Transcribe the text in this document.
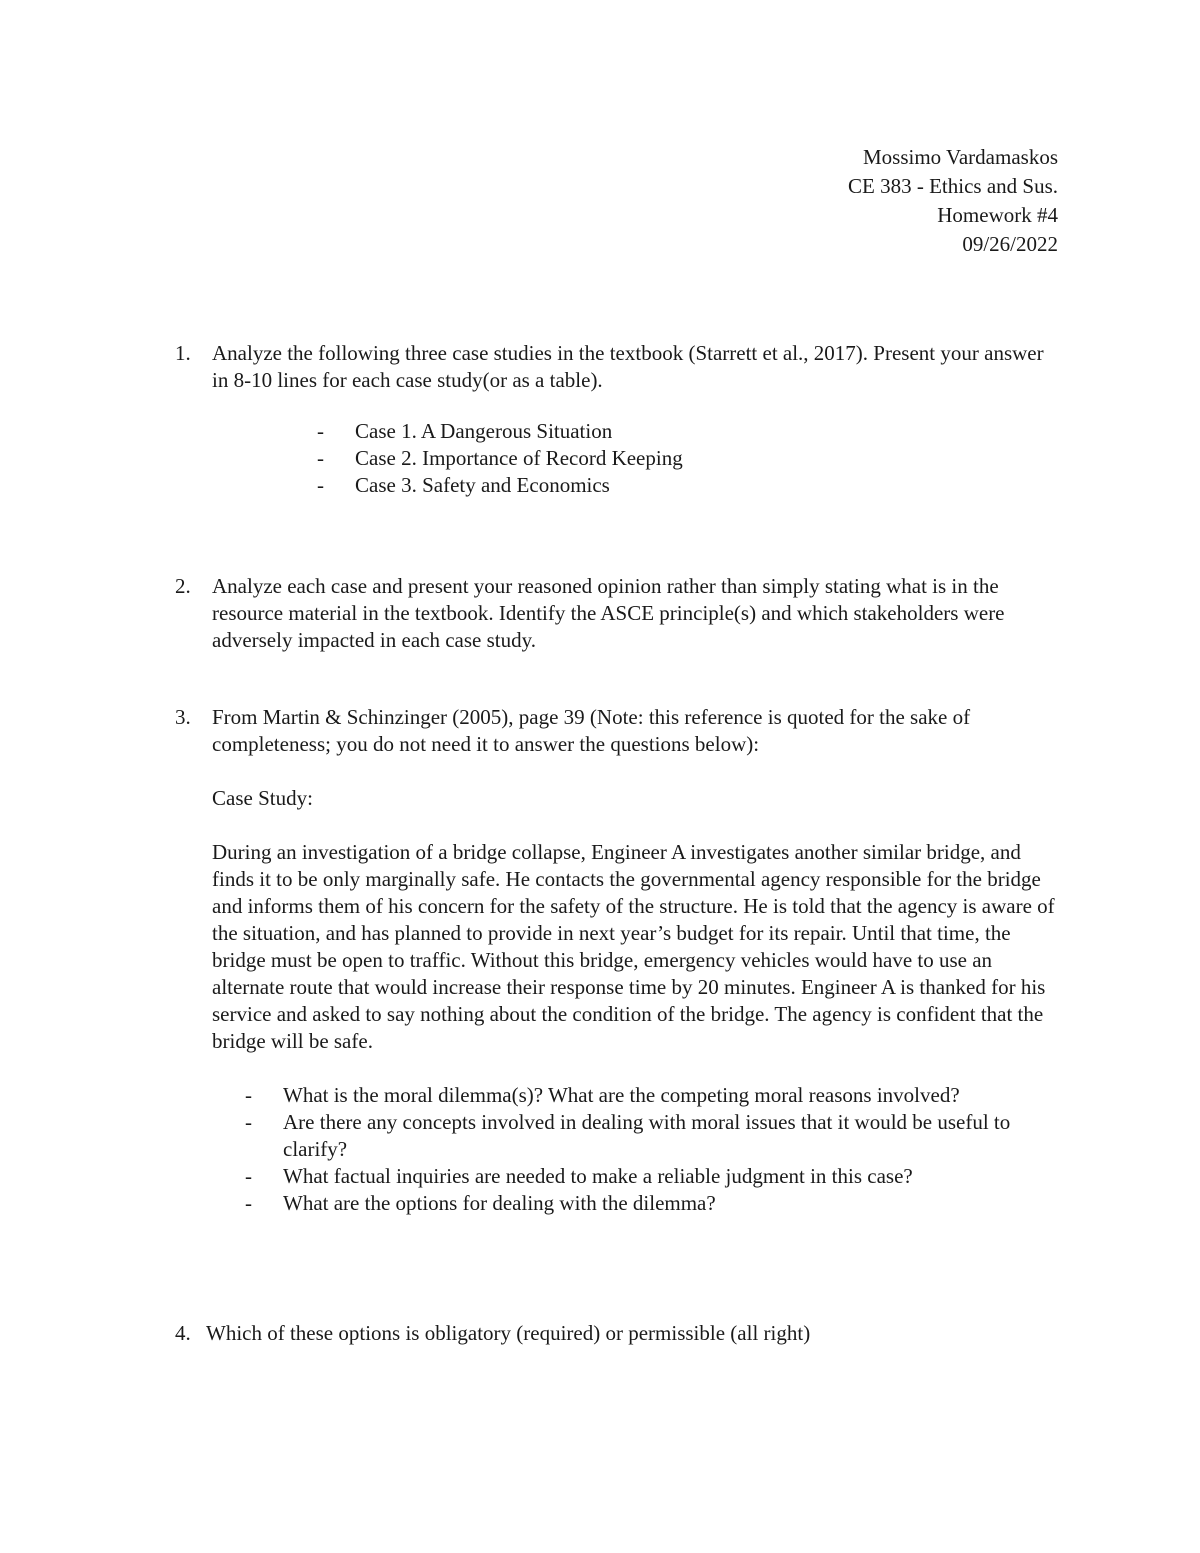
Mossimo Vardamaskos
CE 383 - Ethics and Sus.
Homework #4
09/26/2022
1.	Analyze the following three case studies in the textbook (Starrett et al., 2017). Present your answer in 8-10 lines for each case study(or as a table).

- Case 1. A Dangerous Situation
- Case 2. Importance of Record Keeping
- Case 3. Safety and Economics
2.	Analyze each case and present your reasoned opinion rather than simply stating what is in the resource material in the textbook. Identify the ASCE principle(s) and which stakeholders were adversely impacted in each case study.

3.	From Martin & Schinzinger (2005), page 39 (Note: this reference is quoted for the sake of completeness; you do not need it to answer the questions below):

Case Study:

During an investigation of a bridge collapse, Engineer A investigates another similar bridge, and finds it to be only marginally safe. He contacts the governmental agency responsible for the bridge and informs them of his concern for the safety of the structure. He is told that the agency is aware of the situation, and has planned to provide in next year’s budget for its repair. Until that time, the bridge must be open to traffic. Without this bridge, emergency vehicles would have to use an alternate route that would increase their response time by 20 minutes. Engineer A is thanked for his service and asked to say nothing about the condition of the bridge. The agency is confident that the bridge will be safe.

- What is the moral dilemma(s)? What are the competing moral reasons involved?
- Are there any concepts involved in dealing with moral issues that it would be useful to clarify?
- What factual inquiries are needed to make a reliable judgment in this case?
- What are the options for dealing with the dilemma?
4. Which of these options is obligatory (required) or permissible (all right)
